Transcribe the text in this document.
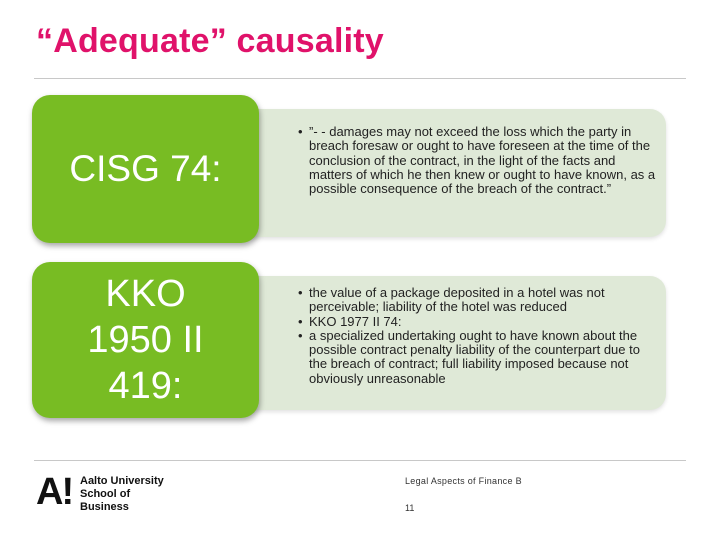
“Adequate” causality

• ”- - damages may not exceed the loss which the party in breach foresaw or ought to have foreseen at the time of the conclusion of the contract, in the light of the facts and matters of which he then knew or ought to have known, as a possible consequence of the breach of the contract.”

CISG 74:

• the value of a package deposited in a hotel was not perceivable; liability of the hotel was reduced

• KKO 1977 II 74:

• a specialized undertaking ought to have known about the possible contract penalty liability of the counterpart due to the breach of contract; full liability imposed because not obviously unreasonable

KKO 1950 II 419:
A! Aalto University
School of Business
Legal Aspects of Finance B
11
